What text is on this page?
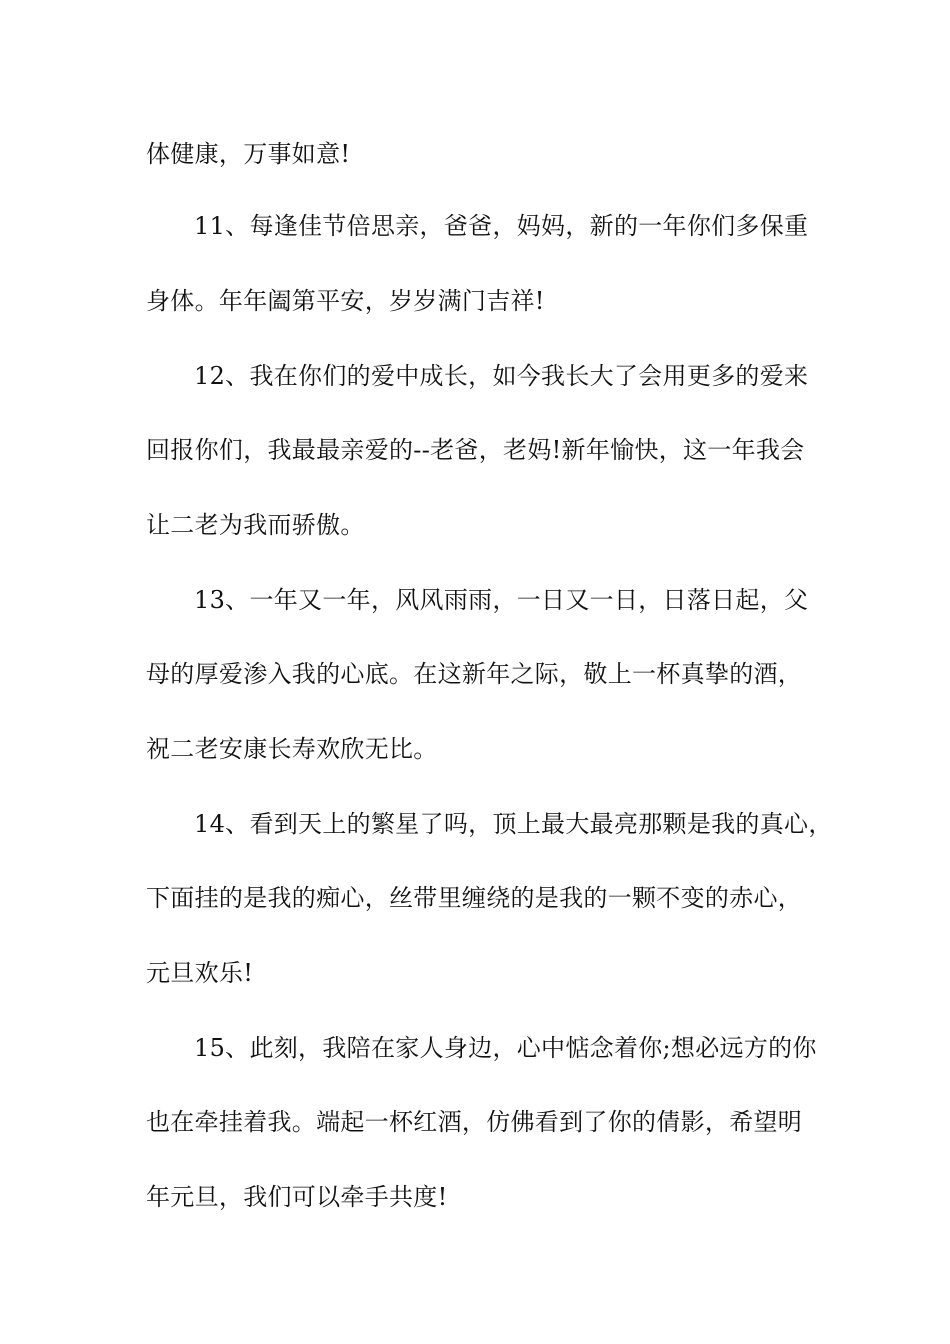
体健康，万事如意!
11、每逢佳节倍思亲，爸爸，妈妈，新的一年你们多保重
身体。年年阖第平安，岁岁满门吉祥!
12、我在你们的爱中成长，如今我长大了会用更多的爱来
回报你们，我最最亲爱的--老爸，老妈!新年愉快，这一年我会
让二老为我而骄傲。
13、一年又一年，风风雨雨，一日又一日，日落日起，父
母的厚爱渗入我的心底。在这新年之际，敬上一杯真挚的酒，
祝二老安康长寿欢欣无比。
14、看到天上的繁星了吗，顶上最大最亮那颗是我的真心，
下面挂的是我的痴心，丝带里缠绕的是我的一颗不变的赤心，
元旦欢乐!
15、此刻，我陪在家人身边，心中惦念着你;想必远方的你
也在牵挂着我。端起一杯红酒，仿佛看到了你的倩影，希望明
年元旦，我们可以牵手共度!
